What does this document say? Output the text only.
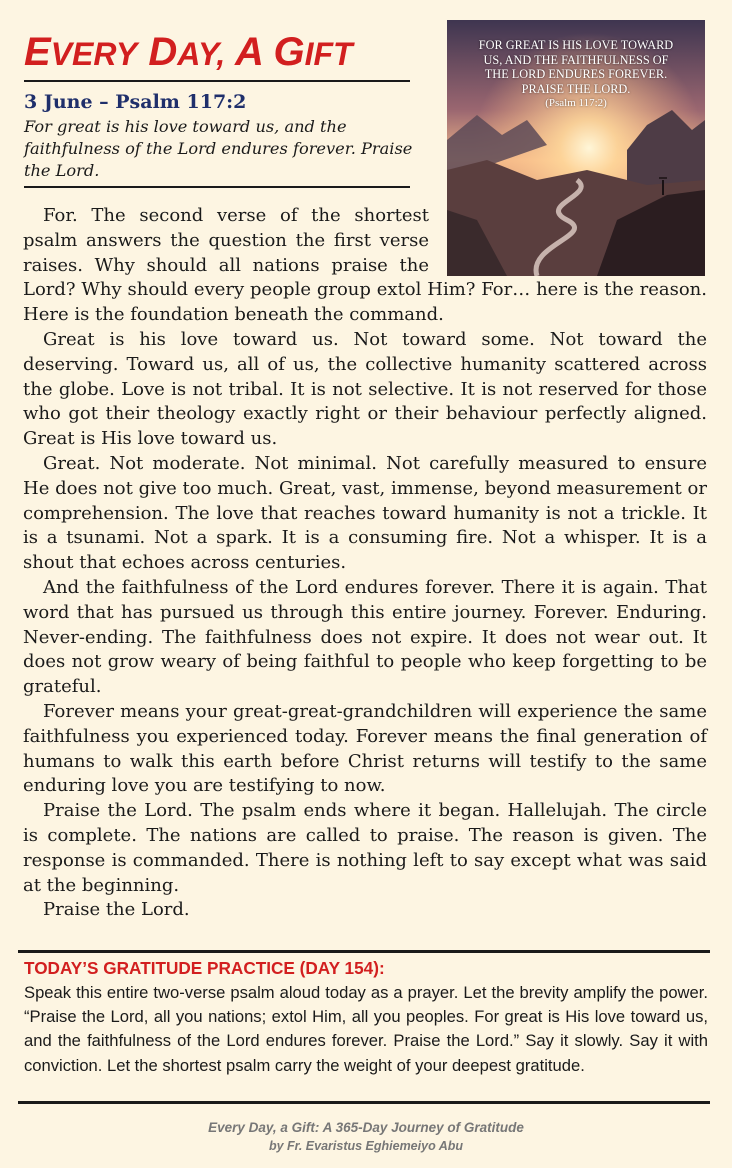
EVERY DAY, A GIFT
3 June – Psalm 117:2
For great is his love toward us, and the faithfulness of the Lord endures forever. Praise the Lord.
FOR GREAT IS HIS LOVE TOWARD
US, AND THE FAITHFULNESS OF
THE LORD ENDURES FOREVER.
PRAISE THE LORD.
(Psalm 117:2)

For. The second verse of the shortest psalm answers the question the first verse raises. Why should all nations praise the Lord? Why should every people group extol Him? For… here is the reason. Here is the foundation beneath the command.

Great is his love toward us. Not toward some. Not toward the deserving. Toward us, all of us, the collective humanity scattered across the globe. Love is not tribal. It is not selective. It is not reserved for those who got their theology exactly right or their behaviour perfectly aligned. Great is His love toward us.

Great. Not moderate. Not minimal. Not carefully measured to ensure He does not give too much. Great, vast, immense, beyond measurement or comprehension. The love that reaches toward humanity is not a trickle. It is a tsunami. Not a spark. It is a consuming fire. Not a whisper. It is a shout that echoes across centuries.

And the faithfulness of the Lord endures forever. There it is again. That word that has pursued us through this entire journey. Forever. Enduring. Never-ending. The faithfulness does not expire. It does not wear out. It does not grow weary of being faithful to people who keep forgetting to be grateful.

Forever means your great-great-grandchildren will experience the same faithfulness you experienced today. Forever means the final generation of humans to walk this earth before Christ returns will testify to the same enduring love you are testifying to now.

Praise the Lord. The psalm ends where it began. Hallelujah. The circle is complete. The nations are called to praise. The reason is given. The response is commanded. There is nothing left to say except what was said at the beginning.

Praise the Lord.

TODAY’S GRATITUDE PRACTICE (DAY 154):
Speak this entire two-verse psalm aloud today as a prayer. Let the brevity amplify the power. “Praise the Lord, all you nations; extol Him, all you peoples. For great is His love toward us, and the faithfulness of the Lord endures forever. Praise the Lord.” Say it slowly. Say it with conviction. Let the shortest psalm carry the weight of your deepest gratitude.
Every Day, a Gift: A 365-Day Journey of Gratitude
by Fr. Evaristus Eghiemeiyo Abu
